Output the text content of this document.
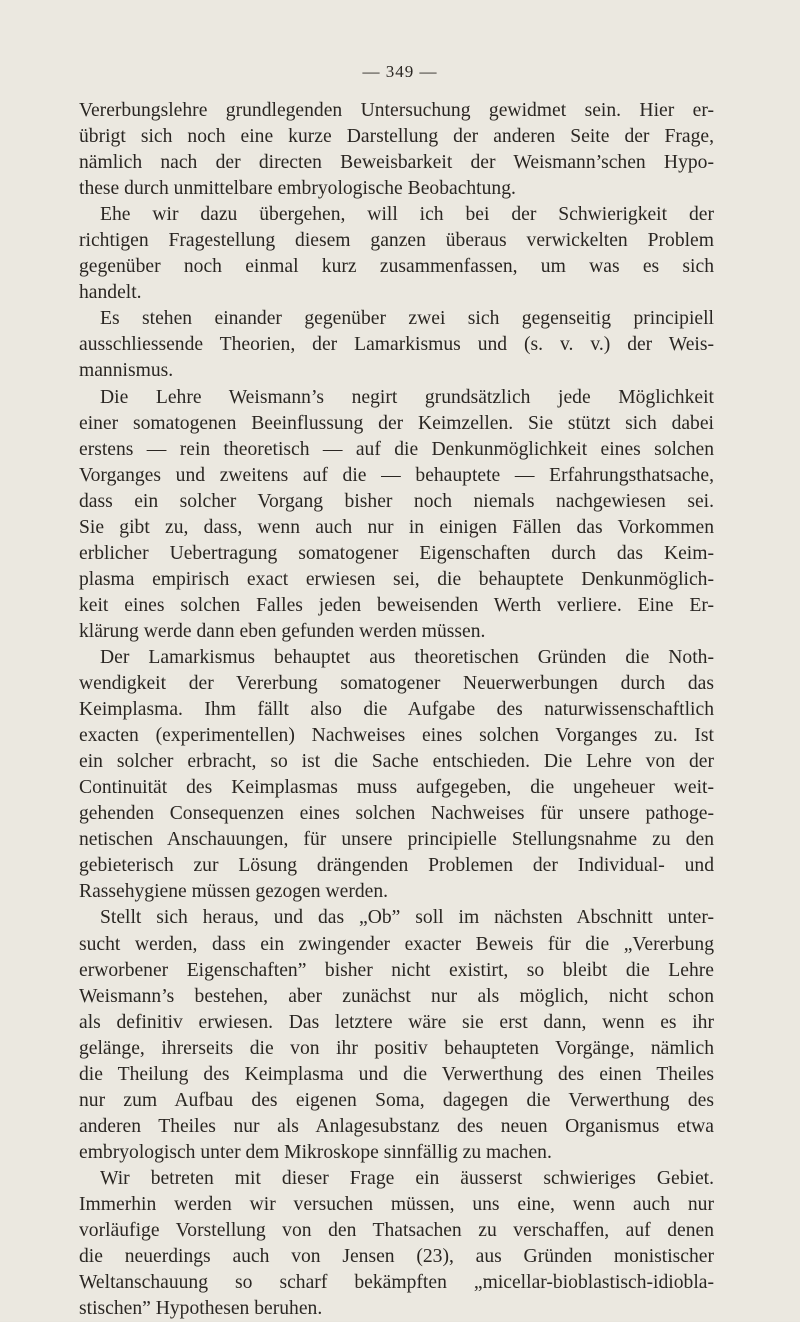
— 349 —
Vererbungslehre grundlegenden Untersuchung gewidmet sein. Hier er-
übrigt sich noch eine kurze Darstellung der anderen Seite der Frage,
nämlich nach der directen Beweisbarkeit der Weismann’schen Hypo-
these durch unmittelbare embryologische Beobachtung.
Ehe wir dazu übergehen, will ich bei der Schwierigkeit der
richtigen Fragestellung diesem ganzen überaus verwickelten Problem
gegenüber noch einmal kurz zusammenfassen, um was es sich
handelt.
Es stehen einander gegenüber zwei sich gegenseitig principiell
ausschliessende Theorien, der Lamarkismus und (s. v. v.) der Weis-
mannismus.
Die Lehre Weismann’s negirt grundsätzlich jede Möglichkeit
einer somatogenen Beeinflussung der Keimzellen. Sie stützt sich dabei
erstens — rein theoretisch — auf die Denkunmöglichkeit eines solchen
Vorganges und zweitens auf die — behauptete — Erfahrungsthatsache,
dass ein solcher Vorgang bisher noch niemals nachgewiesen sei.
Sie gibt zu, dass, wenn auch nur in einigen Fällen das Vorkommen
erblicher Uebertragung somatogener Eigenschaften durch das Keim-
plasma empirisch exact erwiesen sei, die behauptete Denkunmöglich-
keit eines solchen Falles jeden beweisenden Werth verliere. Eine Er-
klärung werde dann eben gefunden werden müssen.
Der Lamarkismus behauptet aus theoretischen Gründen die Noth-
wendigkeit der Vererbung somatogener Neuerwerbungen durch das
Keimplasma. Ihm fällt also die Aufgabe des naturwissenschaftlich
exacten (experimentellen) Nachweises eines solchen Vorganges zu. Ist
ein solcher erbracht, so ist die Sache entschieden. Die Lehre von der
Continuität des Keimplasmas muss aufgegeben, die ungeheuer weit-
gehenden Consequenzen eines solchen Nachweises für unsere pathoge-
netischen Anschauungen, für unsere principielle Stellungsnahme zu den
gebieterisch zur Lösung drängenden Problemen der Individual- und
Rassehygiene müssen gezogen werden.
Stellt sich heraus, und das „Ob” soll im nächsten Abschnitt unter-
sucht werden, dass ein zwingender exacter Beweis für die „Vererbung
erworbener Eigenschaften” bisher nicht existirt, so bleibt die Lehre
Weismann’s bestehen, aber zunächst nur als möglich, nicht schon
als definitiv erwiesen. Das letztere wäre sie erst dann, wenn es ihr
gelänge, ihrerseits die von ihr positiv behaupteten Vorgänge, nämlich
die Theilung des Keimplasma und die Verwerthung des einen Theiles
nur zum Aufbau des eigenen Soma, dagegen die Verwerthung des
anderen Theiles nur als Anlagesubstanz des neuen Organismus etwa
embryologisch unter dem Mikroskope sinnfällig zu machen.
Wir betreten mit dieser Frage ein äusserst schwieriges Gebiet.
Immerhin werden wir versuchen müssen, uns eine, wenn auch nur
vorläufige Vorstellung von den Thatsachen zu verschaffen, auf denen
die neuerdings auch von Jensen (23), aus Gründen monistischer
Weltanschauung so scharf bekämpften „micellar-bioblastisch-idiobla-
stischen” Hypothesen beruhen.
